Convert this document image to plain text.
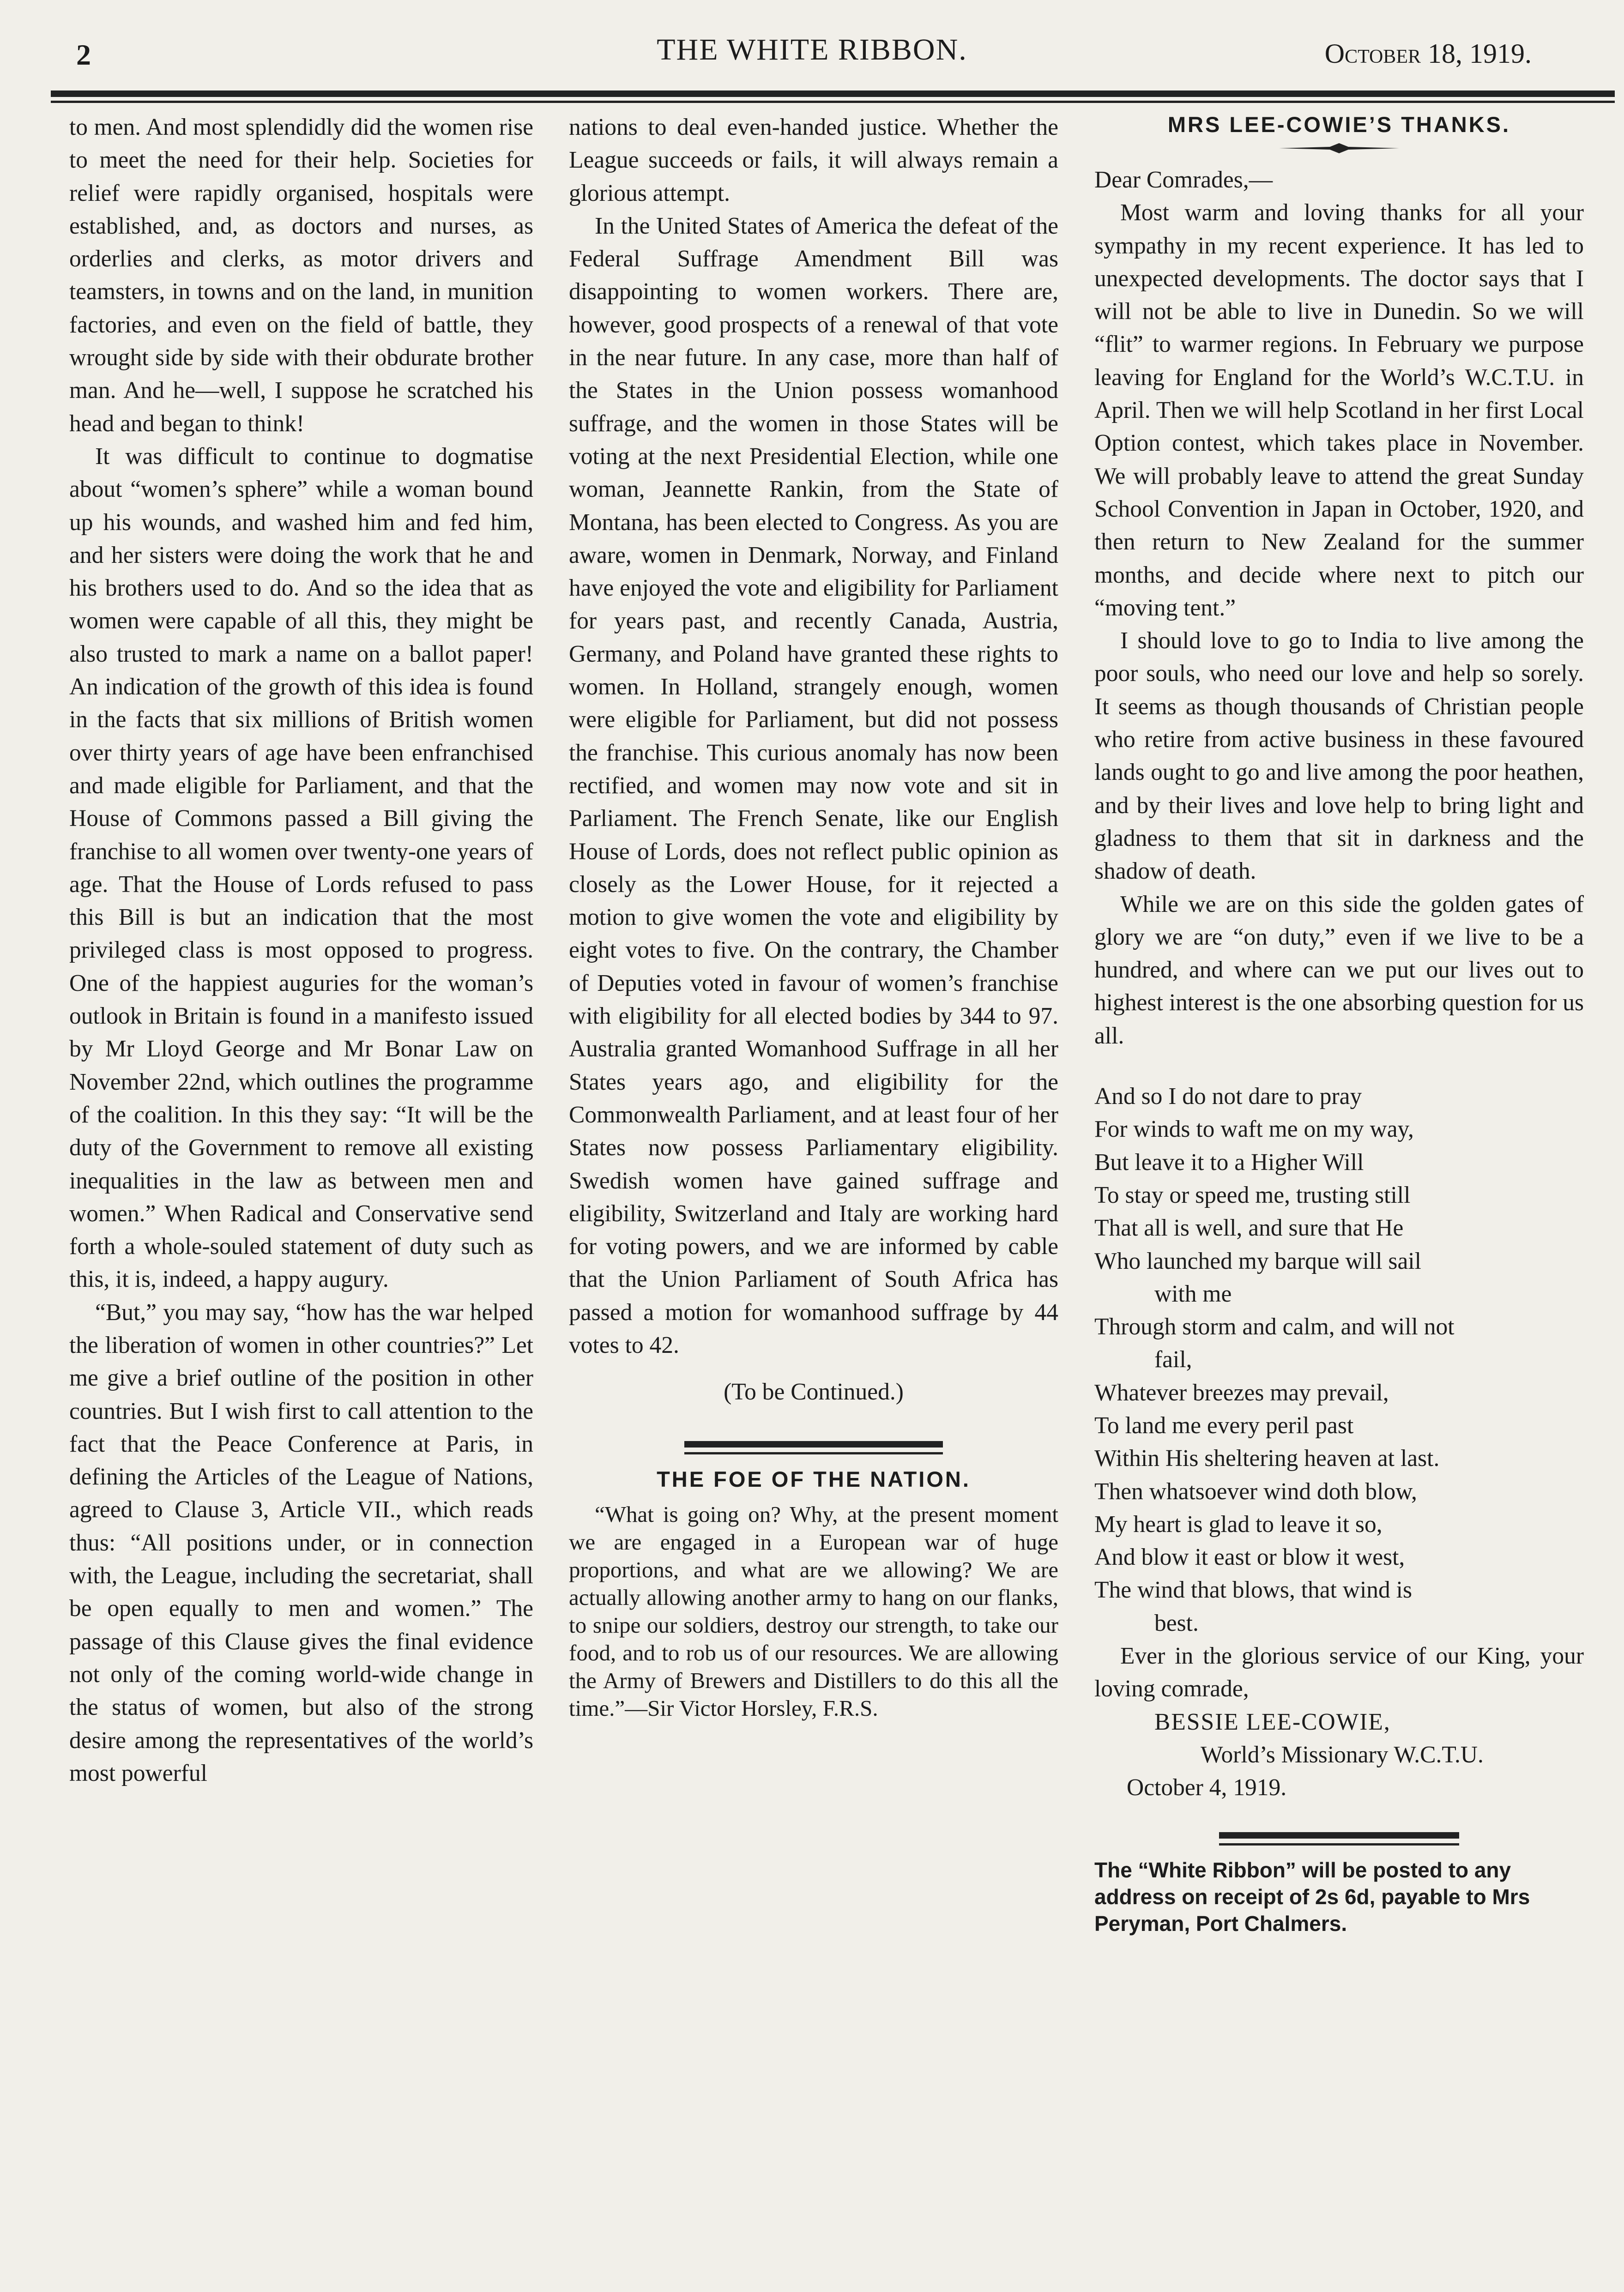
2	THE WHITE RIBBON.	October 18, 1919.

to men. And most splendidly did the women rise to meet the need for their help. Societies for relief were rapidly organised, hospitals were established, and, as doctors and nurses, as orderlies and clerks, as motor drivers and teamsters, in towns and on the land, in munition factories, and even on the field of battle, they wrought side by side with their obdurate brother man. And he—well, I suppose he scratched his head and began to think!

It was difficult to continue to dogmatise about “women’s sphere” while a woman bound up his wounds, and washed him and fed him, and her sisters were doing the work that he and his brothers used to do. And so the idea that as women were capable of all this, they might be also trusted to mark a name on a ballot paper! An indication of the growth of this idea is found in the facts that six millions of British women over thirty years of age have been enfranchised and made eligible for Parliament, and that the House of Commons passed a Bill giving the franchise to all women over twenty-one years of age. That the House of Lords refused to pass this Bill is but an indication that the most privileged class is most opposed to progress. One of the happiest auguries for the woman’s outlook in Britain is found in a manifesto issued by Mr Lloyd George and Mr Bonar Law on November 22nd, which outlines the programme of the coalition. In this they say: “It will be the duty of the Government to remove all existing inequalities in the law as between men and women.” When Radical and Conservative send forth a whole-souled statement of duty such as this, it is, indeed, a happy augury.

“But,” you may say, “how has the war helped the liberation of women in other countries?” Let me give a brief outline of the position in other countries. But I wish first to call attention to the fact that the Peace Conference at Paris, in defining the Articles of the League of Nations, agreed to Clause 3, Article VII., which reads thus: “All positions under, or in connection with, the League, including the secretariat, shall be open equally to men and women.” The passage of this Clause gives the final evidence not only of the coming world-wide change in the status of women, but also of the strong desire among the representatives of the world’s most powerful

nations to deal even-handed justice. Whether the League succeeds or fails, it will always remain a glorious attempt.

In the United States of America the defeat of the Federal Suffrage Amendment Bill was disappointing to women workers. There are, however, good prospects of a renewal of that vote in the near future. In any case, more than half of the States in the Union possess womanhood suffrage, and the women in those States will be voting at the next Presidential Election, while one woman, Jeannette Rankin, from the State of Montana, has been elected to Congress. As you are aware, women in Denmark, Norway, and Finland have enjoyed the vote and eligibility for Parliament for years past, and recently Canada, Austria, Germany, and Poland have granted these rights to women. In Holland, strangely enough, women were eligible for Parliament, but did not possess the franchise. This curious anomaly has now been rectified, and women may now vote and sit in Parliament. The French Senate, like our English House of Lords, does not reflect public opinion as closely as the Lower House, for it rejected a motion to give women the vote and eligibility by eight votes to five. On the contrary, the Chamber of Deputies voted in favour of women’s franchise with eligibility for all elected bodies by 344 to 97. Australia granted Womanhood Suffrage in all her States years ago, and eligibility for the Commonwealth Parliament, and at least four of her States now possess Parliamentary eligibility. Swedish women have gained suffrage and eligibility, Switzerland and Italy are working hard for voting powers, and we are informed by cable that the Union Parliament of South Africa has passed a motion for womanhood suffrage by 44 votes to 42.

(To be Continued.)
THE FOE OF THE NATION.

“What is going on? Why, at the present moment we are engaged in a European war of huge proportions, and what are we allowing? We are actually allowing another army to hang on our flanks, to snipe our soldiers, destroy our strength, to take our food, and to rob us of our resources. We are allowing the Army of Brewers and Distillers to do this all the time.”—Sir Victor Horsley, F.R.S.

MRS LEE-COWIE’S THANKS.

Dear Comrades,—

Most warm and loving thanks for all your sympathy in my recent experience. It has led to unexpected developments. The doctor says that I will not be able to live in Dunedin. So we will “flit” to warmer regions. In February we purpose leaving for England for the World’s W.C.T.U. in April. Then we will help Scotland in her first Local Option contest, which takes place in November. We will probably leave to attend the great Sunday School Convention in Japan in October, 1920, and then return to New Zealand for the summer months, and decide where next to pitch our “moving tent.”

I should love to go to India to live among the poor souls, who need our love and help so sorely. It seems as though thousands of Christian people who retire from active business in these favoured lands ought to go and live among the poor heathen, and by their lives and love help to bring light and gladness to them that sit in darkness and the shadow of death.

While we are on this side the golden gates of glory we are “on duty,” even if we live to be a hundred, and where can we put our lives out to highest interest is the one absorbing question for us all.

And so I do not dare to pray
For winds to waft me on my way,
But leave it to a Higher Will
To stay or speed me, trusting still
That all is well, and sure that He
Who launched my barque will sail
with me
Through storm and calm, and will not
fail,
Whatever breezes may prevail,
To land me every peril past
Within His sheltering heaven at last.
Then whatsoever wind doth blow,
My heart is glad to leave it so,
And blow it east or blow it west,
The wind that blows, that wind is
best.

Ever in the glorious service of our King, your loving comrade,

BESSIE LEE-COWIE,
World’s Missionary W.C.T.U.
October 4, 1919.
The “White Ribbon” will be posted to any address on receipt of 2s 6d, payable to Mrs Peryman, Port Chalmers.
